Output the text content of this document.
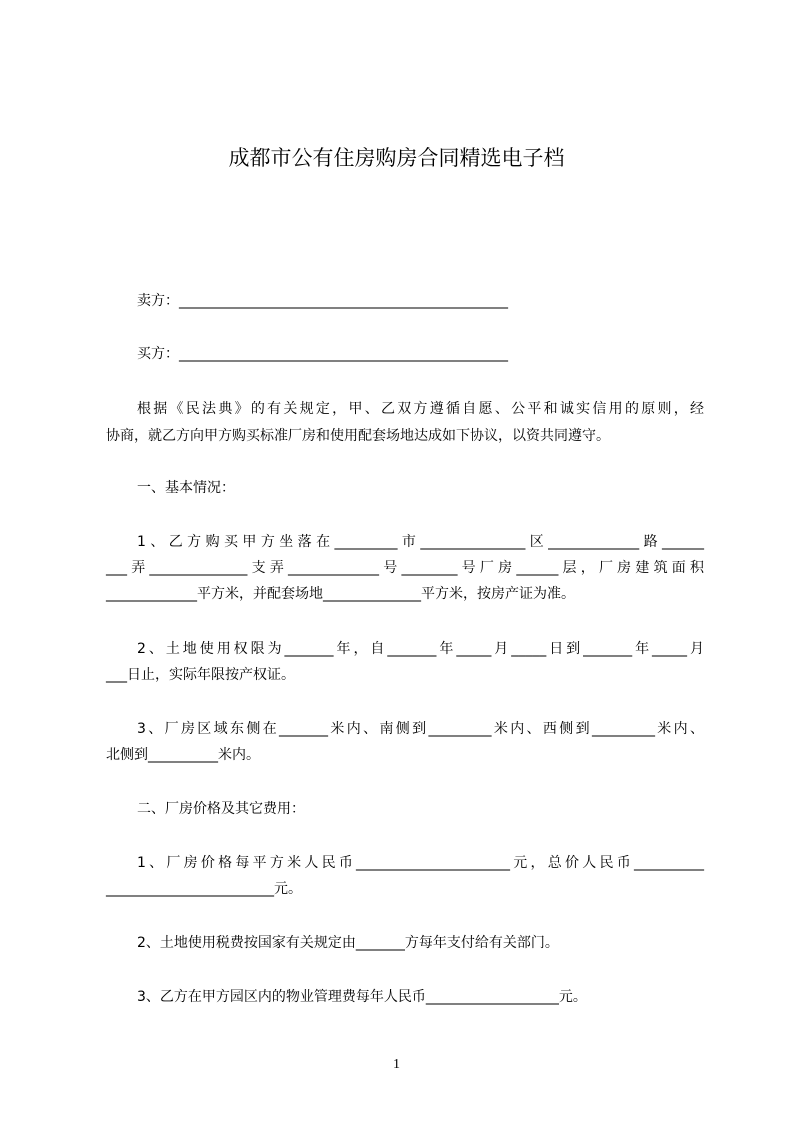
成都市公有住房购房合同精选电子档
卖方：_______________________________________________
买方：_______________________________________________
根据《民法典》的有关规定，甲、乙双方遵循自愿、公平和诚实信用的原则，经
协商，就乙方向甲方购买标准厂房和使用配套场地达成如下协议，以资共同遵守。
一、基本情况：
1、乙方购买甲方坐落在_________市_______________区_____________路______
___弄______________支弄_____________号________号厂房______层，厂房建筑面积
_____________平方米，并配套场地______________平方米，按房产证为准。
2、土地使用权限为_______年，自_______年_____月_____日到_______年_____月
___日止，实际年限按产权证。
3、厂房区域东侧在_______米内、南侧到_________米内、西侧到_________米内、
北侧到__________米内。
二、厂房价格及其它费用：
1、厂房价格每平方米人民币______________________元，总价人民币__________
________________________元。
2、土地使用税费按国家有关规定由_______方每年支付给有关部门。
3、乙方在甲方园区内的物业管理费每年人民币___________________元。
1
